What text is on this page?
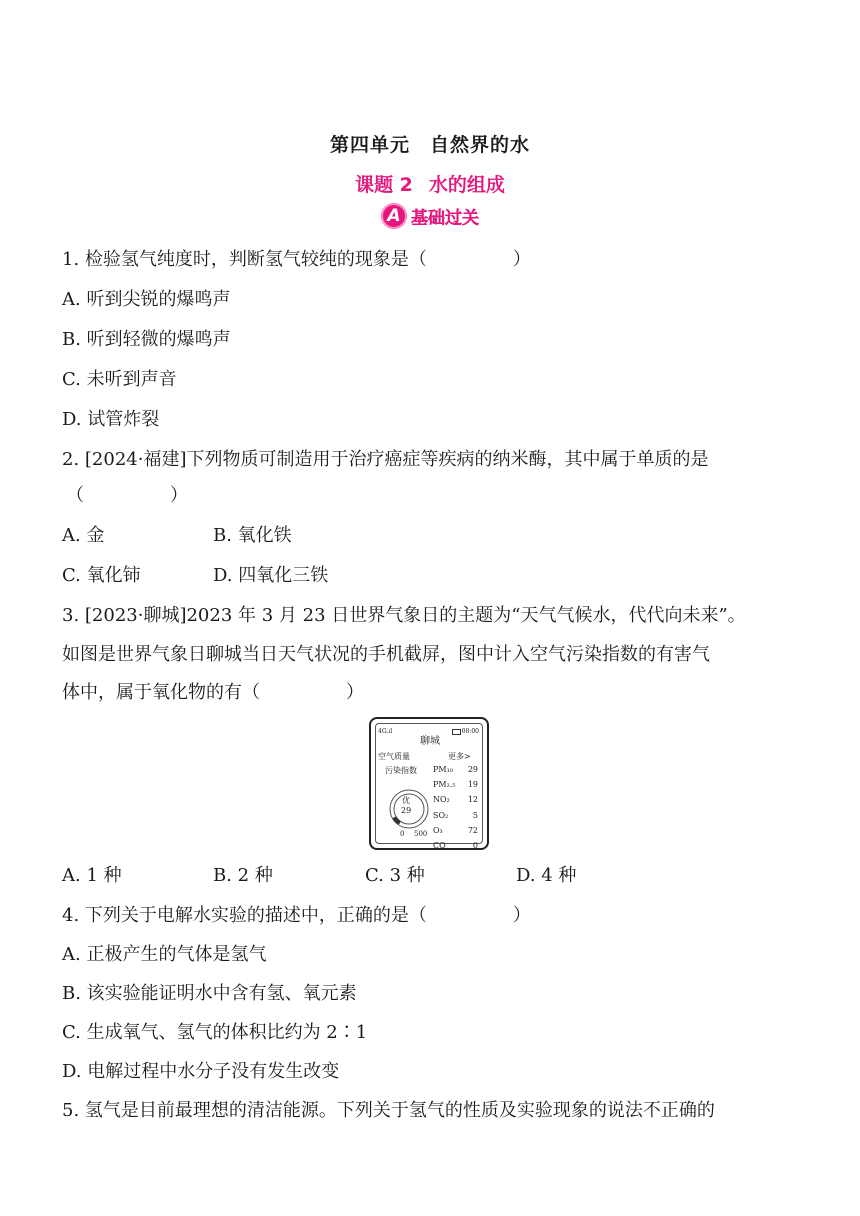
第四单元　自然界的水
课题 2 水的组成
A 基础过关
1. 检验氢气纯度时，判断氢气较纯的现象是（	）
A. 听到尖锐的爆鸣声
B. 听到轻微的爆鸣声
C. 未听到声音
D. 试管炸裂
2. [2024·福建]下列物质可制造用于治疗癌症等疾病的纳米酶，其中属于单质的是
（	）
A. 金	B. 氧化铁
C. 氧化铈	D. 四氧化三铁
3. [2023·聊城]2023 年 3 月 23 日世界气象日的主题为“天气气候水，代代向未来”。
如图是世界气象日聊城当日天气状况的手机截屏，图中计入空气污染指数的有害气
体中，属于氧化物的有（	）
4G.ıl	08:00
聊城
空气质量	更多>
污染指数
优
29
0 500
PM₁₀ 29
PM₂.₅ 19
NO₂ 12
SO₂	5
O₃	72
CO	0
A. 1 种	B. 2 种	C. 3 种	D. 4 种
4. 下列关于电解水实验的描述中，正确的是（	）
A. 正极产生的气体是氢气
B. 该实验能证明水中含有氢、氧元素
C. 生成氧气、氢气的体积比约为 2∶1
D. 电解过程中水分子没有发生改变
5. 氢气是目前最理想的清洁能源。下列关于氢气的性质及实验现象的说法不正确的
